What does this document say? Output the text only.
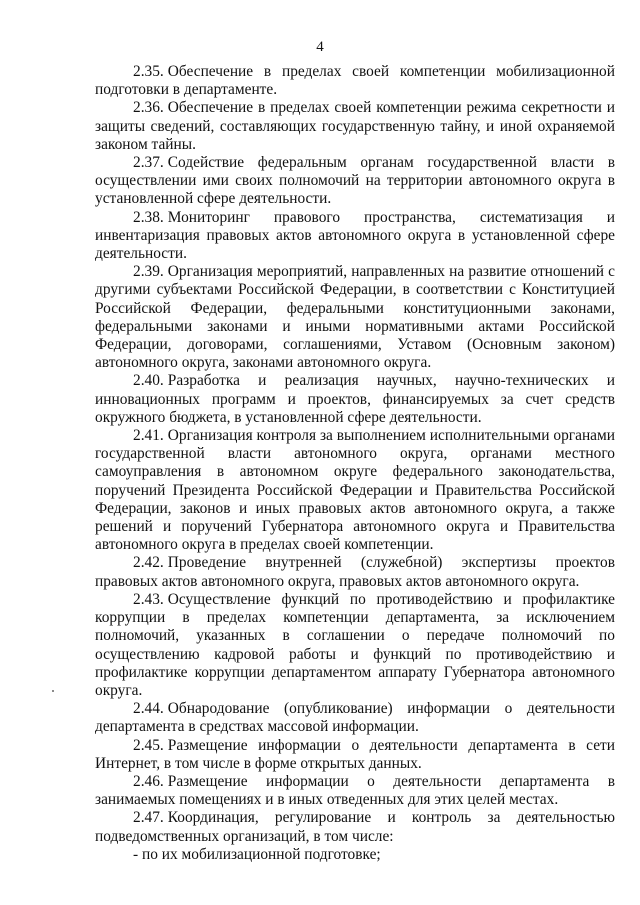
4

2.35. Обеспечение в пределах своей компетенции мобилизационной подготовки в департаменте.

2.36. Обеспечение в пределах своей компетенции режима секретности и защиты сведений, составляющих государственную тайну, и иной охраняемой законом тайны.

2.37. Содействие федеральным органам государственной власти в осуществлении ими своих полномочий на территории автономного округа в установленной сфере деятельности.

2.38. Мониторинг правового пространства, систематизация и инвентаризация правовых актов автономного округа в установленной сфере деятельности.

2.39. Организация мероприятий, направленных на развитие отношений с другими субъектами Российской Федерации, в соответствии с Конституцией Российской Федерации, федеральными конституционными законами, федеральными законами и иными нормативными актами Российской Федерации, договорами, соглашениями, Уставом (Основным законом) автономного округа, законами автономного округа.

2.40. Разработка и реализация научных, научно-технических и инновационных программ и проектов, финансируемых за счет средств окружного бюджета, в установленной сфере деятельности.

2.41. Организация контроля за выполнением исполнительными органами государственной власти автономного округа, органами местного самоуправления в автономном округе федерального законодательства, поручений Президента Российской Федерации и Правительства Российской Федерации, законов и иных правовых актов автономного округа, а также решений и поручений Губернатора автономного округа и Правительства автономного округа в пределах своей компетенции.

2.42. Проведение внутренней (служебной) экспертизы проектов правовых актов автономного округа, правовых актов автономного округа.

2.43. Осуществление функций по противодействию и профилактике коррупции в пределах компетенции департамента, за исключением полномочий, указанных в соглашении о передаче полномочий по осуществлению кадровой работы и функций по противодействию и профилактике коррупции департаментом аппарату Губернатора автономного округа.

2.44. Обнародование (опубликование) информации о деятельности департамента в средствах массовой информации.

2.45. Размещение информации о деятельности департамента в сети Интернет, в том числе в форме открытых данных.

2.46. Размещение информации о деятельности департамента в занимаемых помещениях и в иных отведенных для этих целей местах.

2.47. Координация, регулирование и контроль за деятельностью подведомственных организаций, в том числе:

- по их мобилизационной подготовке;
